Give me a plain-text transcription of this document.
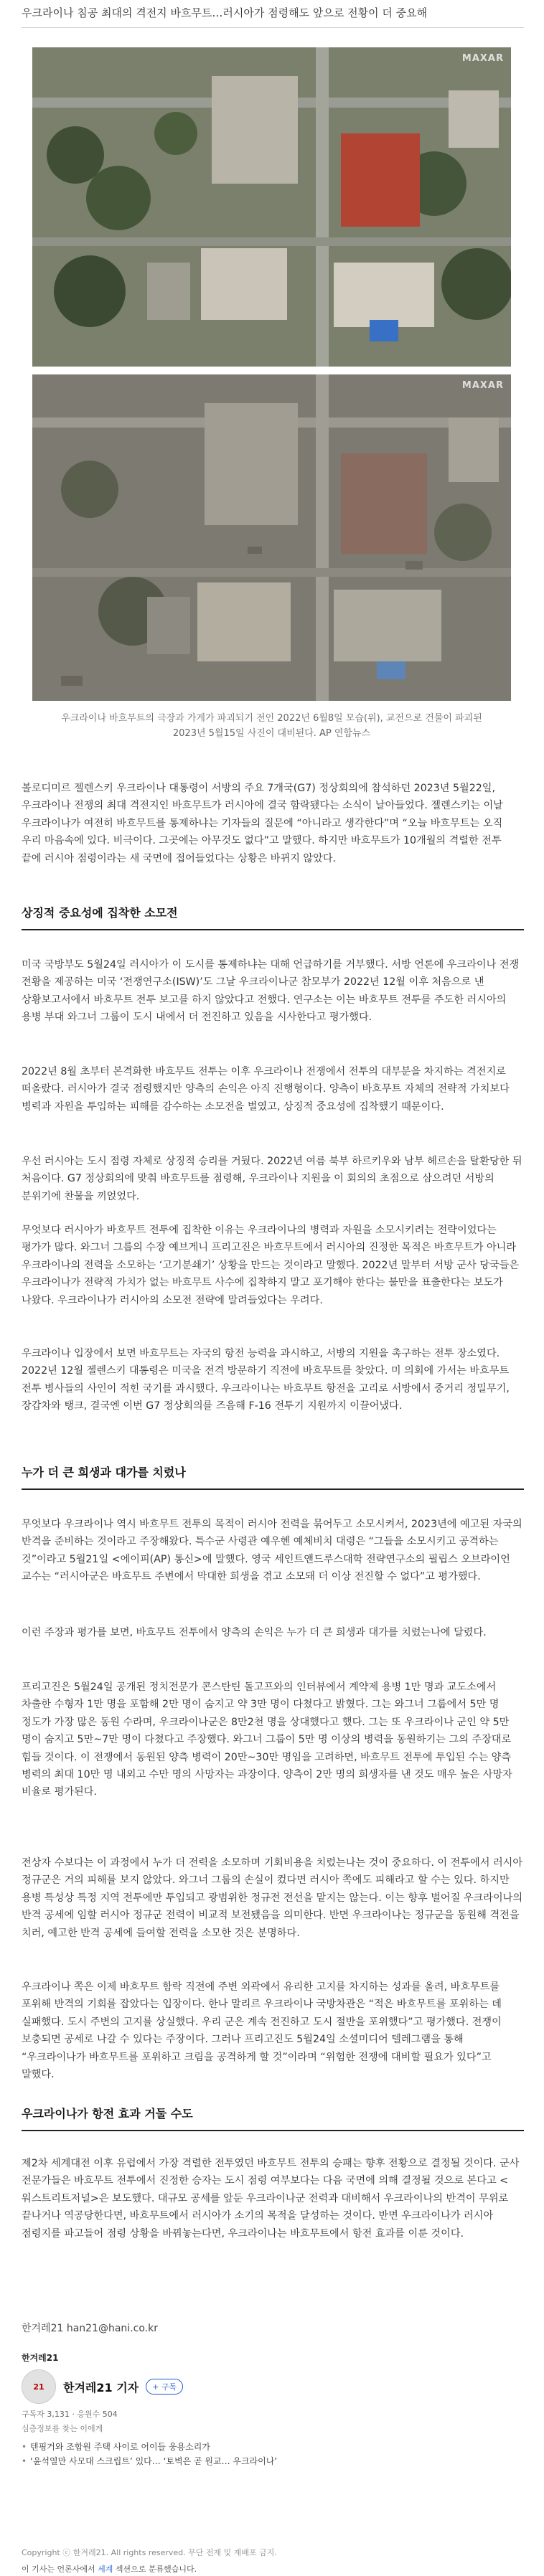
우크라이나 침공 최대의 격전지 바흐무트…러시아가 점령해도 앞으로 전황이 더 중요해
MAXAR
MAXAR
우크라이나 바흐무트의 극장과 가게가 파괴되기 전인 2022년 6월8일 모습(위), 교전으로 건물이 파괴된
2023년 5월15일 사진이 대비된다. AP 연합뉴스

볼로디미르 젤렌스키 우크라이나 대통령이 서방의 주요 7개국(G7) 정상회의에 참석하던 2023년 5월22일, 우크라이나 전쟁의 최대 격전지인 바흐무트가 러시아에 결국 함락됐다는 소식이 날아들었다. 젤렌스키는 이날 우크라이나가 여전히 바흐무트를 통제하냐는 기자들의 질문에 “아니라고 생각한다”며 “오늘 바흐무트는 오직 우리 마음속에 있다. 비극이다. 그곳에는 아무것도 없다”고 말했다. 하지만 바흐무트가 10개월의 격렬한 전투 끝에 러시아 점령이라는 새 국면에 접어들었다는 상황은 바뀌지 않았다.

상징적 중요성에 집착한 소모전

미국 국방부도 5월24일 러시아가 이 도시를 통제하냐는 대해 언급하기를 거부했다. 서방 언론에 우크라이나 전쟁 전황을 제공하는 미국 ‘전쟁연구소(ISW)’도 그날 우크라이나군 참모부가 2022년 12월 이후 처음으로 낸 상황보고서에서 바흐무트 전투 보고를 하지 않았다고 전했다. 연구소는 이는 바흐무트 전투를 주도한 러시아의 용병 부대 와그너 그룹이 도시 내에서 더 전진하고 있음을 시사한다고 평가했다.

2022년 8월 초부터 본격화한 바흐무트 전투는 이후 우크라이나 전쟁에서 전투의 대부분을 차지하는 격전지로 떠올랐다. 러시아가 결국 점령했지만 양측의 손익은 아직 진행형이다. 양측이 바흐무트 자체의 전략적 가치보다 병력과 자원을 투입하는 피해를 감수하는 소모전을 벌였고, 상징적 중요성에 집착했기 때문이다.

우선 러시아는 도시 점령 자체로 상징적 승리를 거뒀다. 2022년 여름 북부 하르키우와 남부 헤르손을 탈환당한 뒤 처음이다. G7 정상회의에 맞춰 바흐무트를 점령해, 우크라이나 지원을 이 회의의 초점으로 삼으려던 서방의 분위기에 찬물을 끼얹었다.

무엇보다 러시아가 바흐무트 전투에 집착한 이유는 우크라이나의 병력과 자원을 소모시키려는 전략이었다는 평가가 많다. 와그너 그룹의 수장 예브게니 프리고진은 바흐무트에서 러시아의 진정한 목적은 바흐무트가 아니라 우크라이나의 전력을 소모하는 ‘고기분쇄기’ 상황을 만드는 것이라고 말했다. 2022년 말부터 서방 군사 당국들은 우크라이나가 전략적 가치가 없는 바흐무트 사수에 집착하지 말고 포기해야 한다는 불만을 표출한다는 보도가 나왔다. 우크라이나가 러시아의 소모전 전략에 말려들었다는 우려다.

우크라이나 입장에서 보면 바흐무트는 자국의 항전 능력을 과시하고, 서방의 지원을 촉구하는 전투 장소였다. 2022년 12월 젤렌스키 대통령은 미국을 전격 방문하기 직전에 바흐무트를 찾았다. 미 의회에 가서는 바흐무트 전투 병사들의 사인이 적힌 국기를 과시했다. 우크라이나는 바흐무트 항전을 고리로 서방에서 중거리 정밀무기, 장갑차와 탱크, 결국엔 이번 G7 정상회의를 즈음해 F-16 전투기 지원까지 이끌어냈다.

누가 더 큰 희생과 대가를 치렀나

무엇보다 우크라이나 역시 바흐무트 전투의 목적이 러시아 전력을 묶어두고 소모시켜서, 2023년에 예고된 자국의 반격을 준비하는 것이라고 주장해왔다. 특수군 사령관 예우헨 예체비치 대령은 “그들을 소모시키고 공격하는 것”이라고 5월21일 <에이피(AP) 통신>에 말했다. 영국 세인트앤드루스대학 전략연구소의 필립스 오브라이언 교수는 “러시아군은 바흐무트 주변에서 막대한 희생을 겪고 소모돼 더 이상 전진할 수 없다”고 평가했다.

이런 주장과 평가를 보면, 바흐무트 전투에서 양측의 손익은 누가 더 큰 희생과 대가를 치렀는나에 달렸다.

프리고진은 5월24일 공개된 정치전문가 콘스탄틴 돌고프와의 인터뷰에서 계약제 용병 1만 명과 교도소에서 차출한 수형자 1만 명을 포함해 2만 명이 숨지고 약 3만 명이 다쳤다고 밝혔다. 그는 와그너 그룹에서 5만 명 정도가 가장 많은 동원 수라며, 우크라이나군은 8만2천 명을 상대했다고 했다. 그는 또 우크라이나 군인 약 5만 명이 숨지고 5만~7만 명이 다쳤다고 주장했다. 와그너 그룹이 5만 명 이상의 병력을 동원하기는 그의 주장대로 힘들 것이다. 이 전쟁에서 동원된 양측 병력이 20만~30만 명임을 고려하면, 바흐무트 전투에 투입된 수는 양측 병력의 최대 10만 명 내외고 수만 명의 사망자는 과장이다. 양측이 2만 명의 희생자를 낸 것도 매우 높은 사망자 비율로 평가된다.

전상자 수보다는 이 과정에서 누가 더 전력을 소모하며 기회비용을 치렀는나는 것이 중요하다. 이 전투에서 러시아 정규군은 거의 피해를 보지 않았다. 와그너 그룹의 손실이 컸다면 러시아 쪽에도 피해라고 할 수는 있다. 하지만 용병 특성상 특정 지역 전투에만 투입되고 광범위한 정규전 전선을 맡지는 않는다. 이는 향후 벌어질 우크라이나의 반격 공세에 임할 러시아 정규군 전력이 비교적 보전됐음을 의미한다. 반면 우크라이나는 정규군을 동원해 격전을 치러, 예고한 반격 공세에 들여할 전력을 소모한 것은 분명하다.

우크라이나 쪽은 이제 바흐무트 함락 직전에 주변 외곽에서 유리한 고지를 차지하는 성과를 올려, 바흐무트를 포위해 반격의 기회를 잡았다는 입장이다. 한나 말리르 우크라이나 국방차관은 “적은 바흐무트를 포위하는 데 실패했다. 도시 주변의 고지를 상실했다. 우리 군은 계속 전진하고 도시 절반을 포위했다”고 평가했다. 전쟁이 보충되면 공세로 나갈 수 있다는 주장이다. 그러나 프리고진도 5월24일 소셜미디어 텔레그램을 통해 “우크라이나가 바흐무트를 포위하고 크림을 공격하게 할 것”이라며 “위험한 전쟁에 대비할 필요가 있다”고 말했다.

우크라이나가 항전 효과 거둘 수도

제2차 세계대전 이후 유럽에서 가장 격렬한 전투였던 바흐무트 전투의 승패는 향후 전황으로 결정될 것이다. 군사 전문가들은 바흐무트 전투에서 진정한 승자는 도시 점령 여부보다는 다음 국면에 의해 결정될 것으로 본다고 <워스트리트저널>은 보도했다. 대규모 공세를 앞둔 우크라이나군 전력과 대비해서 우크라이나의 반격이 무위로 끝나거나 역공당한다면, 바흐무트에서 러시아가 소기의 목적을 달성하는 것이다. 반면 우크라이나가 러시아 점령지를 파고들어 점령 상황을 바꿔놓는다면, 우크라이나는 바흐무트에서 항전 효과를 이룬 것이다.

한겨레21 han21@hani.co.kr
한겨레21
21	한겨레21 기자	+ 구독
구독자 3,131 · 응원수 504
심층정보를 찾는 이에게
• 텐핑거와 조합원 주택 사이로 어이들 웅용소리가
• ‘윤석열만 사모대 스크립트’ 있다… ‘토벽은 곧 원교… 우크라이나’
Copyright ⓒ 한겨레21. All rights reserved. 무단 전재 및 재배포 금지.
이 기사는 언론사에서 세계 섹션으로 분류했습니다.
